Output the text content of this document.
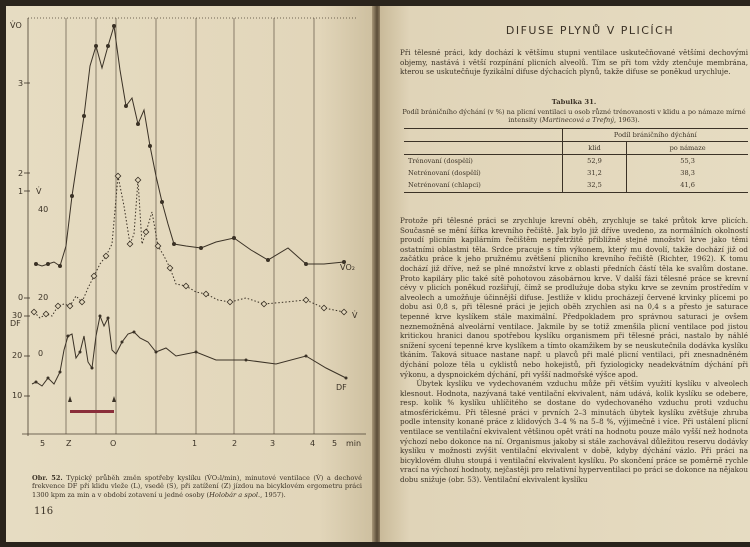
V̇O
3
2
1
0
V̇
40
20
DF
30
20
10
0
V̇O₂
V̇
DF
5	Z	O	1	2	3	4 5 min
Obr. 52. Typický průběh změn spotřeby kyslíku (V̇O₂l/min), minutové ventilace (V̇) a dechové frekvence DF při klidu vleže (L), vsedě (S), při zatížení (Z) jízdou na bicyklovém ergometru práci 1300 kpm za min a v období zotavení u jedné osoby (Holobár a spol., 1957).
116
DIFUSE PLYNŮ V PLICÍCH
Při tělesné práci, kdy dochází k většímu stupni ventilace uskutečňované většími dechovými objemy, nastává i větší rozpínání plicních alveolů. Tím se při tom vždy ztenčuje membrána, kterou se uskutečňuje fyzikální difuse dýchacích plynů, takže difuse se poněkud urychluje.
Tabulka 31.
Podíl bráničního dýchání (v %) na plicní ventilaci u osob různé trénovanosti v klidu a po námaze mírné intensity (Martinecová a Trefný, 1963).
	Podíl bráničního dýchání	
	klid	po námaze
Trénovaní (dospělí)	52,9	55,3
Netrénovaní (dospělí)	31,2	38,3
Netrénovaní (chlapci)	32,5	41,6
Protože při tělesné práci se zrychluje krevní oběh, zrychluje se také průtok krve plicích. Současně se mění šířka krevního řečiště. Jak bylo již dříve uvedeno, za normálních okolností proudí plicním kapilárním řečištěm nepřetržitě přibližně stejné množství krve jako těmi ostatními oblastmi těla. Srdce pracuje s tím výkonem, který mu dovolí, takže dochází již od začátku práce k jeho pružnému zvětšení plicního krevního řečiště (Richter, 1962). K tomu dochází již dříve, než se plné množství krve z oblasti předních částí těla ke svalům dostane. Proto kapiláry plic také sítě pohotovou zásobárnou krve. V další fázi tělesné práce se krevní cévy v plicích poněkud rozšiřují, čímž se prodlužuje doba styku krve se zevním prostředím v alveolech a umožňuje účinnější difuse. Jestliže v klidu procházejí červené krvinky plícemi po dobu asi 0,8 s, při tělesné práci je jejich oběh zrychlen asi na 0,4 s a přesto je saturace tepenné krve kyslíkem stále maximální. Předpokladem pro správnou saturaci je ovšem neznemožněná alveolární ventilace. Jakmile by se totiž zmenšila plicní ventilace pod jistou kritickou hranici danou spotřebou kyslíku organismem při tělesné práci, nastalo by náhlé snížení sycení tepenné krve kyslíkem a tímto okamžikem by se neuskutečnila dodávka kyslíku tkáním. Taková situace nastane např. u plavců při malé plicní ventilaci, při znesnadněném dýchání poloze těla u cyklistů nebo hokejistů, při fyziologicky neadekvátním dýchání při výkonu, a dyspnoickém dýchání, při vyšší nadmořské výšce apod.
Úbytek kyslíku ve vydechovaném vzduchu může při větším využití kyslíku v alveolech klesnout. Hodnota, nazývaná také ventilační ekvivalent, nám udává, kolik kyslíku se odebere, resp. kolik % kyslíku uhlíčitého se dostane do vydechovaného vzduchu proti vzduchu atmosférickému. Při tělesné práci v prvních 2–3 minutách úbytek kyslíku zvětšuje zhruba podle intensity konané práce z klidových 3–4 % na 5–8 %, výjimečně i více. Při ustálení plicní ventilace se ventilační ekvivalent většinou opět vrátí na hodnotu pouze málo vyšší než hodnota výchozí nebo dokonce na ní. Organismus jakoby si stále zachovával důležitou reservu dodávky kyslíku v možnosti zvýšit ventilační ekvivalent v době, kdyby dýchání vázlo. Při práci na bicyklovém dluhu stoupá i ventilační ekvivalent kyslíku. Po skončení práce se poměrně rychle vrací na výchozí hodnoty, nejčastěji pro relativní hyperventilaci po práci se dokonce na nějakou dobu snižuje (obr. 53). Ventilační ekvivalent kyslíku
